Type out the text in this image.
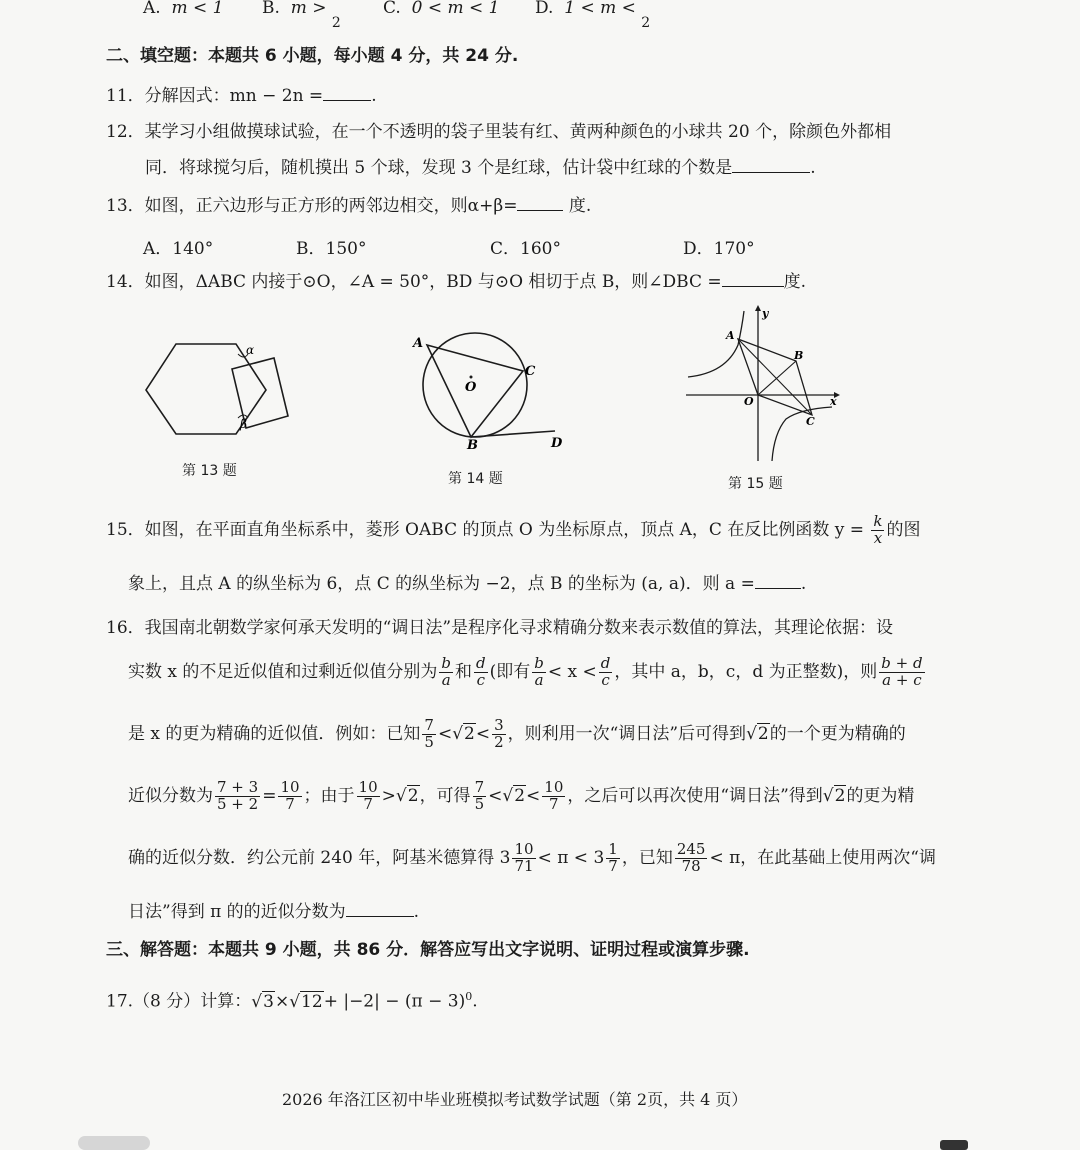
A. m < 1 B. m > $_2$
C. 0 < m < 1 D. 1 < m < $_2$
二、填空题：本题共 6 小题，每小题 4 分，共 24 分.
11．分解因式：mn − 2n =	.
12．某学习小组做摸球试验，在一个不透明的袋子里装有红、黄两种颜色的小球共 20 个，除颜色外都相
同．将球搅匀后，随机摸出 5 个球，发现 3 个是红球，估计袋中红球的个数是	.
13．如图，正六边形与正方形的两邻边相交，则α+β=	度.
A．140°	B．150°	C．160°	D．170°
14．如图，ΔABC 内接于⊙O，∠A = 50°，BD 与⊙O 相切于点 B，则∠DBC =	度.
α
β
第 13 题
A
C
B	D
O
第 14 题
A
B
C
O	x
y
第 15 题
15．如图，在平面直角坐标系中，菱形 OABC 的顶点 O 为坐标原点，顶点 A，C 在反比例函数 $y = \frac{k}{x}$ 的图
象上，且点 A 的纵坐标为 6，点 C 的纵坐标为 −2，点 B 的坐标为 (a, a)．则 a =	.
16．我国南北朝数学家何承天发明的“调日法”是程序化寻求精确分数来表示数值的算法，其理论依据：设
实数 x 的不足近似值和过剩近似值分别为 $\frac{b}{a}$ 和 $\frac{d}{c}$ (即有 $\frac{b}{a} < x < \frac{d}{c}$ ，其中 a，b，c，d 为正整数)，则 $\frac{b + d}{a + c}$
是 x 的更为精确的近似值．例如：已知 $\frac{7}{5} <√2< \frac{3}{2}$ ，则利用一次“调日法”后可得到√2的一个更为精确的
近似分数为 $\frac{7 + 3}{5 + 2} = \frac{10}{7}$ ；由于 $\frac{10}{7} >√2$，可得 $\frac{7}{5} <√2< \frac{10}{7}$ ，之后可以再次使用“调日法”得到√2的更为精
确的近似分数．约公元前 240 年，阿基米德算得 $3 \frac{10}{71} < \pi < 3 \frac{1}{7}$ ，已知 $\frac{245}{78} < \pi$，在此基础上使用两次“调
日法”得到 π 的的近似分数为	.
三、解答题：本题共 9 小题，共 86 分．解答应写出文字说明、证明过程或演算步骤.
17.（8 分）计算：$√3\times√12+ |-2| - (\pi - 3)^0$.
2026 年洛江区初中毕业班模拟考试数学试题（第 2页，共 4 页）
